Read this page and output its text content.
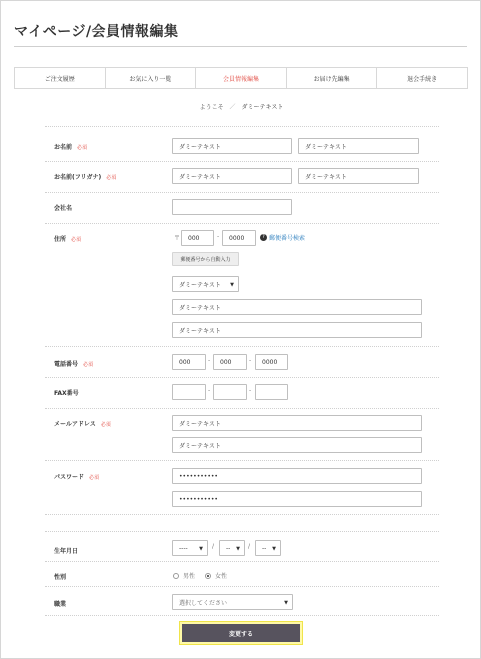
マイページ/会員情報編集
ご注文履歴	お気に入り一覧	会員情報編集	お届け先編集	退会手続き
ようこそ ／ ダミーテキスト
お名前 必須	ダミーテキスト	ダミーテキスト
お名前(フリガナ) 必須	ダミーテキスト	ダミーテキスト
会社名
住所 必須	〒	000	-	0000	? 郵便番号検索
郵便番号から自動入力
ダミーテキスト ▼
ダミーテキスト
ダミーテキスト
電話番号 必須	000	-	000	-	0000
FAX番号	-	-
メールアドレス 必須	ダミーテキスト
ダミーテキスト
パスワード 必須	•••••••••••
•••••••••••
生年月日	---- ▼ / -- ▼ / -- ▼
性別	男性	女性
職業	選択してください	▼
変更する
